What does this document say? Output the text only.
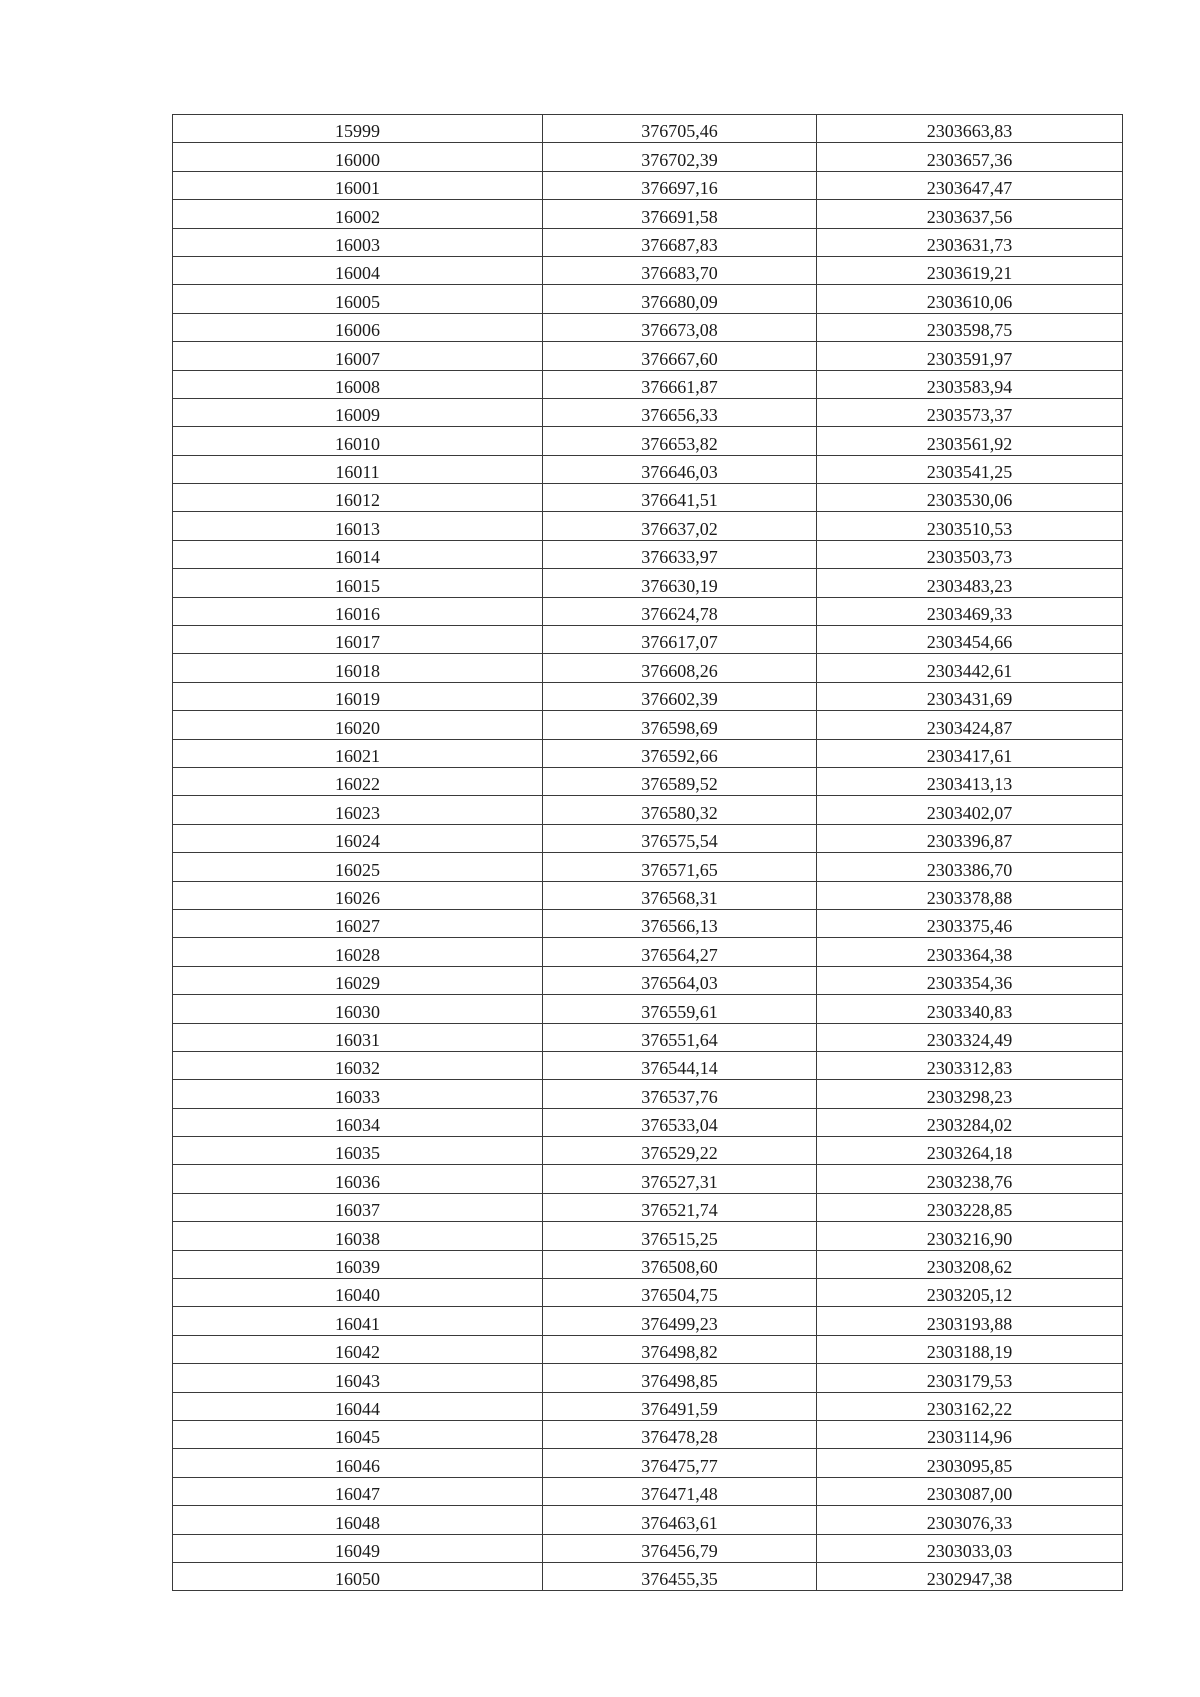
15999	376705,46	2303663,83
16000	376702,39	2303657,36
16001	376697,16	2303647,47
16002	376691,58	2303637,56
16003	376687,83	2303631,73
16004	376683,70	2303619,21
16005	376680,09	2303610,06
16006	376673,08	2303598,75
16007	376667,60	2303591,97
16008	376661,87	2303583,94
16009	376656,33	2303573,37
16010	376653,82	2303561,92
16011	376646,03	2303541,25
16012	376641,51	2303530,06
16013	376637,02	2303510,53
16014	376633,97	2303503,73
16015	376630,19	2303483,23
16016	376624,78	2303469,33
16017	376617,07	2303454,66
16018	376608,26	2303442,61
16019	376602,39	2303431,69
16020	376598,69	2303424,87
16021	376592,66	2303417,61
16022	376589,52	2303413,13
16023	376580,32	2303402,07
16024	376575,54	2303396,87
16025	376571,65	2303386,70
16026	376568,31	2303378,88
16027	376566,13	2303375,46
16028	376564,27	2303364,38
16029	376564,03	2303354,36
16030	376559,61	2303340,83
16031	376551,64	2303324,49
16032	376544,14	2303312,83
16033	376537,76	2303298,23
16034	376533,04	2303284,02
16035	376529,22	2303264,18
16036	376527,31	2303238,76
16037	376521,74	2303228,85
16038	376515,25	2303216,90
16039	376508,60	2303208,62
16040	376504,75	2303205,12
16041	376499,23	2303193,88
16042	376498,82	2303188,19
16043	376498,85	2303179,53
16044	376491,59	2303162,22
16045	376478,28	2303114,96
16046	376475,77	2303095,85
16047	376471,48	2303087,00
16048	376463,61	2303076,33
16049	376456,79	2303033,03
16050	376455,35	2302947,38
